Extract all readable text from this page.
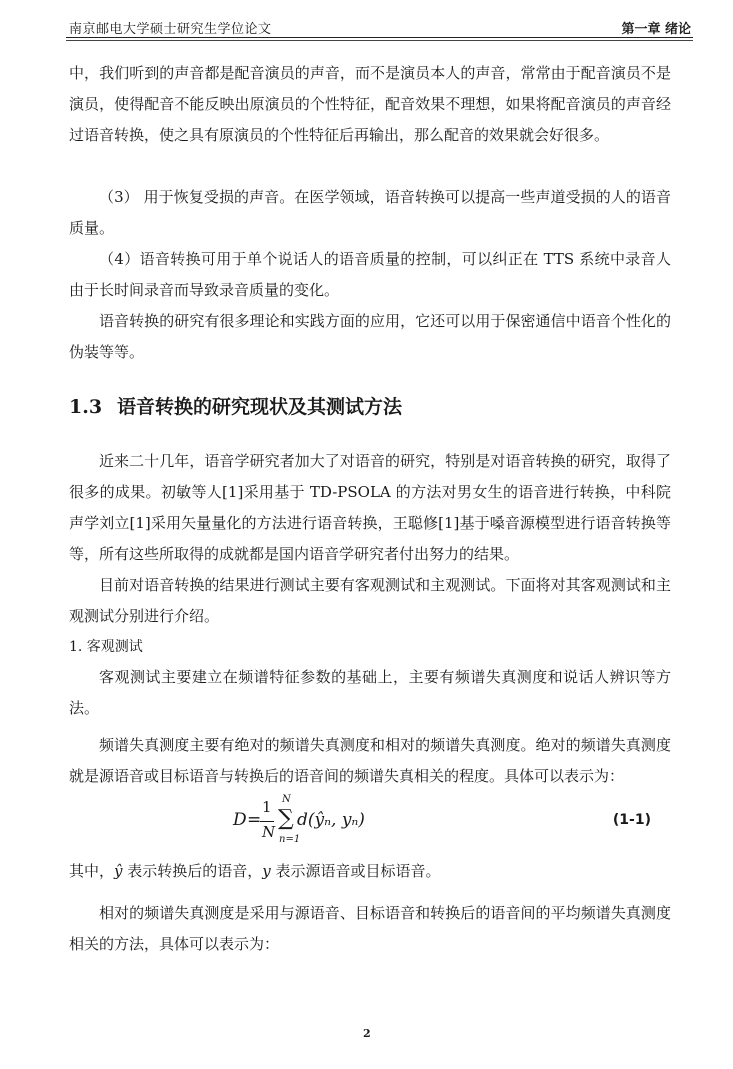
南京邮电大学硕士研究生学位论文	第一章 绪论
中，我们听到的声音都是配音演员的声音，而不是演员本人的声音，常常由于配音演员不是演员，使得配音不能反映出原演员的个性特征，配音效果不理想，如果将配音演员的声音经过语音转换，使之具有原演员的个性特征后再输出，那么配音的效果就会好很多。
（3） 用于恢复受损的声音。在医学领域，语音转换可以提高一些声道受损的人的语音质量。
（4）语音转换可用于单个说话人的语音质量的控制，可以纠正在 TTS 系统中录音人由于长时间录音而导致录音质量的变化。
语音转换的研究有很多理论和实践方面的应用，它还可以用于保密通信中语音个性化的伪装等等。
1.3 语音转换的研究现状及其测试方法
近来二十几年，语音学研究者加大了对语音的研究，特别是对语音转换的研究，取得了很多的成果。初敏等人[1]采用基于 TD-PSOLA 的方法对男女生的语音进行转换，中科院声学刘立[1]采用矢量量化的方法进行语音转换，王聪修[1]基于嗓音源模型进行语音转换等等，所有这些所取得的成就都是国内语音学研究者付出努力的结果。
目前对语音转换的结果进行测试主要有客观测试和主观测试。下面将对其客观测试和主观测试分别进行介绍。
1. 客观测试
客观测试主要建立在频谱特征参数的基础上，主要有频谱失真测度和说话人辨识等方法。
频谱失真测度主要有绝对的频谱失真测度和相对的频谱失真测度。绝对的频谱失真测度就是源语音或目标语音与转换后的语音间的频谱失真相关的程度。具体可以表示为：
D =
1
N
N
∑
n=1
d(ŷₙ, yₙ)	(1-1)
其中，ŷ 表示转换后的语音，y 表示源语音或目标语音。
相对的频谱失真测度是采用与源语音、目标语音和转换后的语音间的平均频谱失真测度相关的方法，具体可以表示为：
2
